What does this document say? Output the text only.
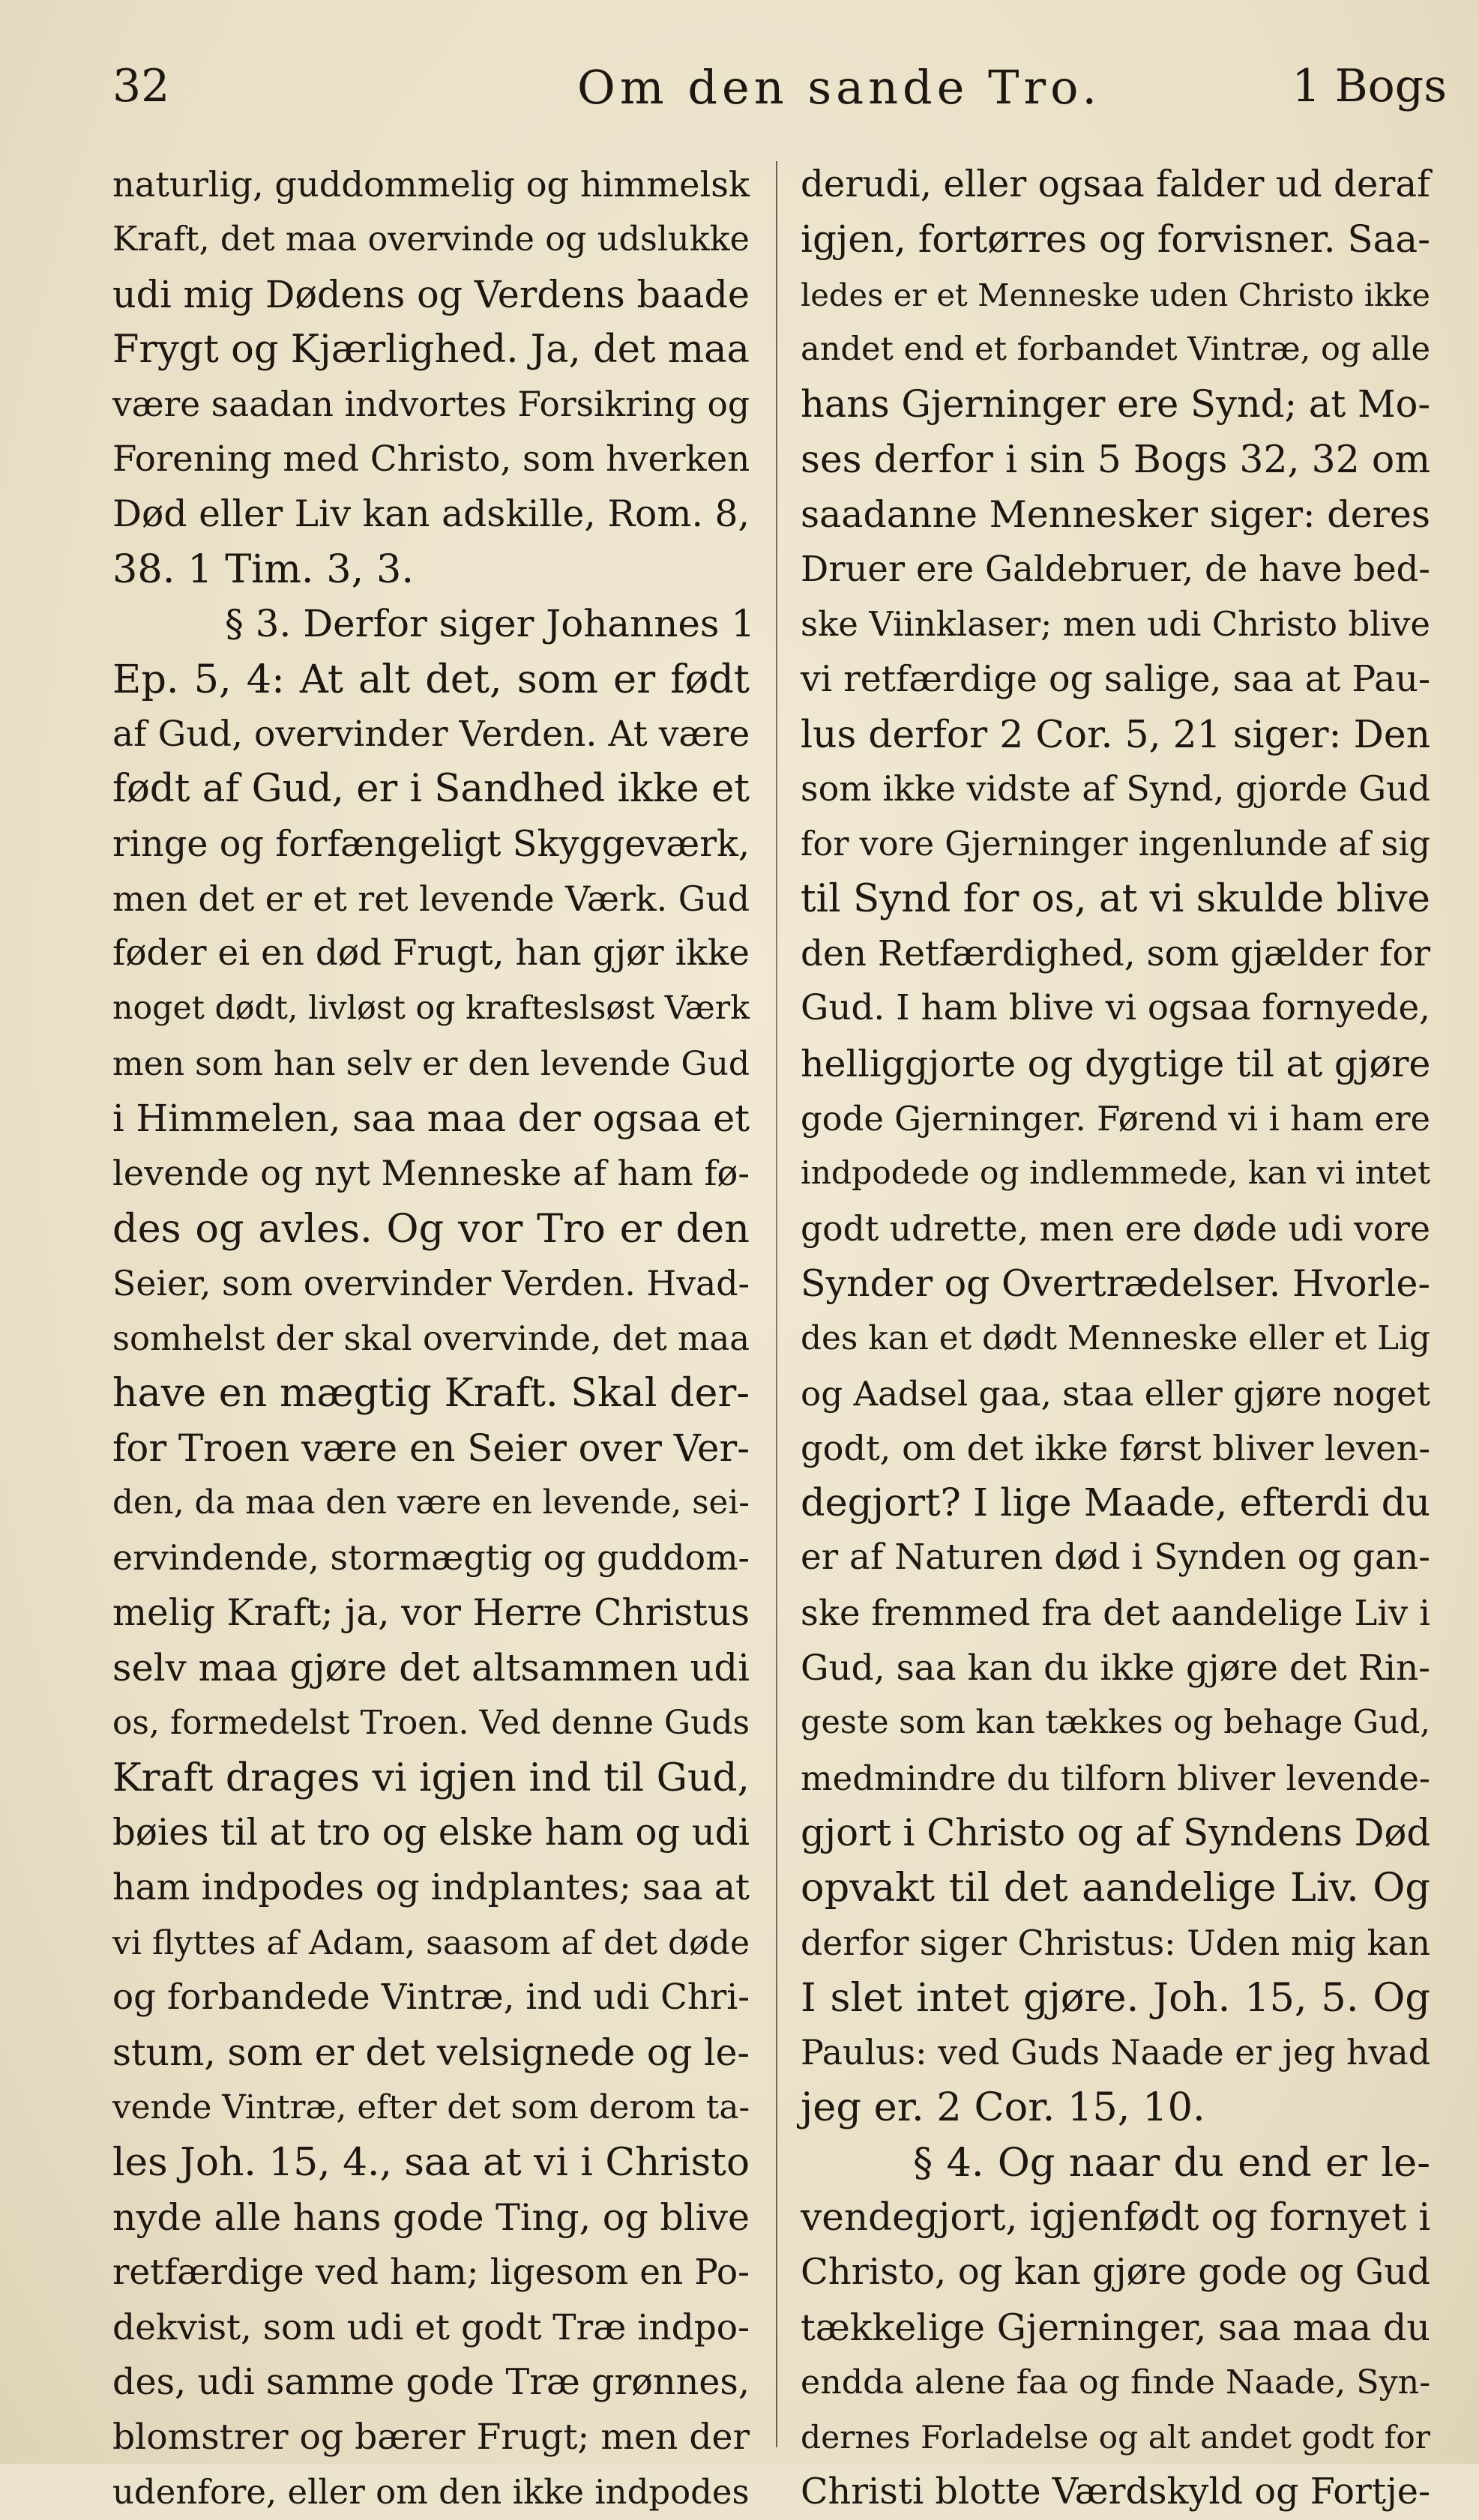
32	Om den sande Tro.	1 Bogs
naturlig, guddommelig og himmelsk
Kraft, det maa overvinde og udslukke
udi mig Dødens og Verdens baade
Frygt og Kjærlighed. Ja, det maa
være saadan indvortes Forsikring og
Forening med Christo, som hverken
Død eller Liv kan adskille, Rom. 8,
38. 1 Tim. 3, 3.
§ 3. Derfor siger Johannes 1
Ep. 5, 4: At alt det, som er født
af Gud, overvinder Verden. At være
født af Gud, er i Sandhed ikke et
ringe og forfængeligt Skyggeværk,
men det er et ret levende Værk. Gud
føder ei en død Frugt, han gjør ikke
noget dødt, livløst og krafteslsøst Værk
men som han selv er den levende Gud
i Himmelen, saa maa der ogsaa et
levende og nyt Menneske af ham fø-
des og avles. Og vor Tro er den
Seier, som overvinder Verden. Hvad-
somhelst der skal overvinde, det maa
have en mægtig Kraft. Skal der-
for Troen være en Seier over Ver-
den, da maa den være en levende, sei-
ervindende, stormægtig og guddom-
melig Kraft; ja, vor Herre Christus
selv maa gjøre det altsammen udi
os, formedelst Troen. Ved denne Guds
Kraft drages vi igjen ind til Gud,
bøies til at tro og elske ham og udi
ham indpodes og indplantes; saa at
vi flyttes af Adam, saasom af det døde
og forbandede Vintræ, ind udi Chri-
stum, som er det velsignede og le-
vende Vintræ, efter det som derom ta-
les Joh. 15, 4., saa at vi i Christo
nyde alle hans gode Ting, og blive
retfærdige ved ham; ligesom en Po-
dekvist, som udi et godt Træ indpo-
des, udi samme gode Træ grønnes,
blomstrer og bærer Frugt; men der
udenfore, eller om den ikke indpodes
derudi, eller ogsaa falder ud deraf
igjen, fortørres og forvisner. Saa-
ledes er et Menneske uden Christo ikke
andet end et forbandet Vintræ, og alle
hans Gjerninger ere Synd; at Mo-
ses derfor i sin 5 Bogs 32, 32 om
saadanne Mennesker siger: deres
Druer ere Galdebruer, de have bed-
ske Viinklaser; men udi Christo blive
vi retfærdige og salige, saa at Pau-
lus derfor 2 Cor. 5, 21 siger: Den
som ikke vidste af Synd, gjorde Gud
for vore Gjerninger ingenlunde af sig
til Synd for os, at vi skulde blive
den Retfærdighed, som gjælder for
Gud. I ham blive vi ogsaa fornyede,
helliggjorte og dygtige til at gjøre
gode Gjerninger. Førend vi i ham ere
indpodede og indlemmede, kan vi intet
godt udrette, men ere døde udi vore
Synder og Overtrædelser. Hvorle-
des kan et dødt Menneske eller et Lig
og Aadsel gaa, staa eller gjøre noget
godt, om det ikke først bliver leven-
degjort? I lige Maade, efterdi du
er af Naturen død i Synden og gan-
ske fremmed fra det aandelige Liv i
Gud, saa kan du ikke gjøre det Rin-
geste som kan tækkes og behage Gud,
medmindre du tilforn bliver levende-
gjort i Christo og af Syndens Død
opvakt til det aandelige Liv. Og
derfor siger Christus: Uden mig kan
I slet intet gjøre. Joh. 15, 5. Og
Paulus: ved Guds Naade er jeg hvad
jeg er. 2 Cor. 15, 10.
§ 4. Og naar du end er le-
vendegjort, igjenfødt og fornyet i
Christo, og kan gjøre gode og Gud
tækkelige Gjerninger, saa maa du
endda alene faa og finde Naade, Syn-
dernes Forladelse og alt andet godt for
Christi blotte Værdskyld og Fortje-
